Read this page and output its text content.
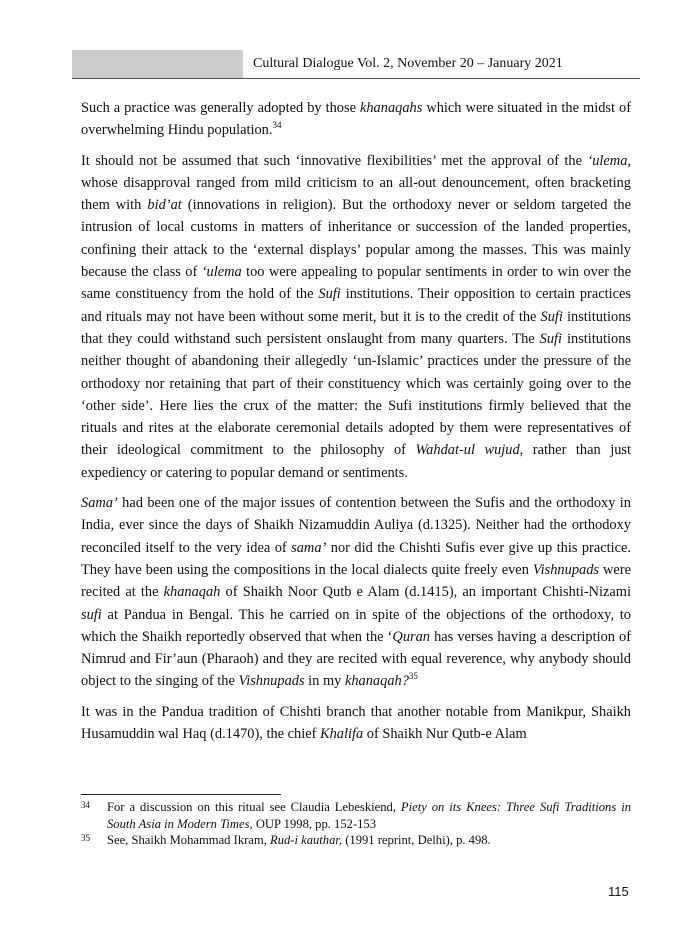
Cultural Dialogue Vol. 2, November 20 – January 2021

Such a practice was generally adopted by those khanaqahs which were situated in the midst of overwhelming Hindu population.$^{34}$

It should not be assumed that such ‘innovative flexibilities’ met the approval of the ‘ulema, whose disapproval ranged from mild criticism to an all-out denouncement, often bracketing them with bid’at (innovations in religion). But the orthodoxy never or seldom targeted the intrusion of local customs in matters of inheritance or succession of the landed properties, confining their attack to the ‘external displays’ popular among the masses. This was mainly because the class of ‘ulema too were appealing to popular sentiments in order to win over the same constituency from the hold of the Sufi institutions. Their opposition to certain practices and rituals may not have been without some merit, but it is to the credit of the Sufi institutions that they could withstand such persistent onslaught from many quarters. The Sufi institutions neither thought of abandoning their allegedly ‘un-Islamic’ practices under the pressure of the orthodoxy nor retaining that part of their constituency which was certainly going over to the ‘other side’. Here lies the crux of the matter: the Sufi institutions firmly believed that the rituals and rites at the elaborate ceremonial details adopted by them were representatives of their ideological commitment to the philosophy of Wahdat-ul wujud, rather than just expediency or catering to popular demand or sentiments.

Sama’ had been one of the major issues of contention between the Sufis and the orthodoxy in India, ever since the days of Shaikh Nizamuddin Auliya (d.1325). Neither had the orthodoxy reconciled itself to the very idea of sama’ nor did the Chishti Sufis ever give up this practice. They have been using the compositions in the local dialects quite freely even Vishnupads were recited at the khanaqah of Shaikh Noor Qutb e Alam (d.1415), an important Chishti-Nizami sufi at Pandua in Bengal. This he carried on in spite of the objections of the orthodoxy, to which the Shaikh reportedly observed that when the ‘Quran has verses having a description of Nimrud and Fir’aun (Pharaoh) and they are recited with equal reverence, why anybody should object to the singing of the Vishnupads in my khanaqah?$^{35}$

It was in the Pandua tradition of Chishti branch that another notable from Manikpur, Shaikh Husamuddin wal Haq (d.1470), the chief Khalifa of Shaikh Nur Qutb-e Alam

34	For a discussion on this ritual see Claudia Lebeskiend, Piety on its Knees: Three Sufi Traditions in South Asia in Modern Times, OUP 1998, pp. 152-153
35	See, Shaikh Mohammad Ikram, Rud-i kauthar, (1991 reprint, Delhi), p. 498.
115
